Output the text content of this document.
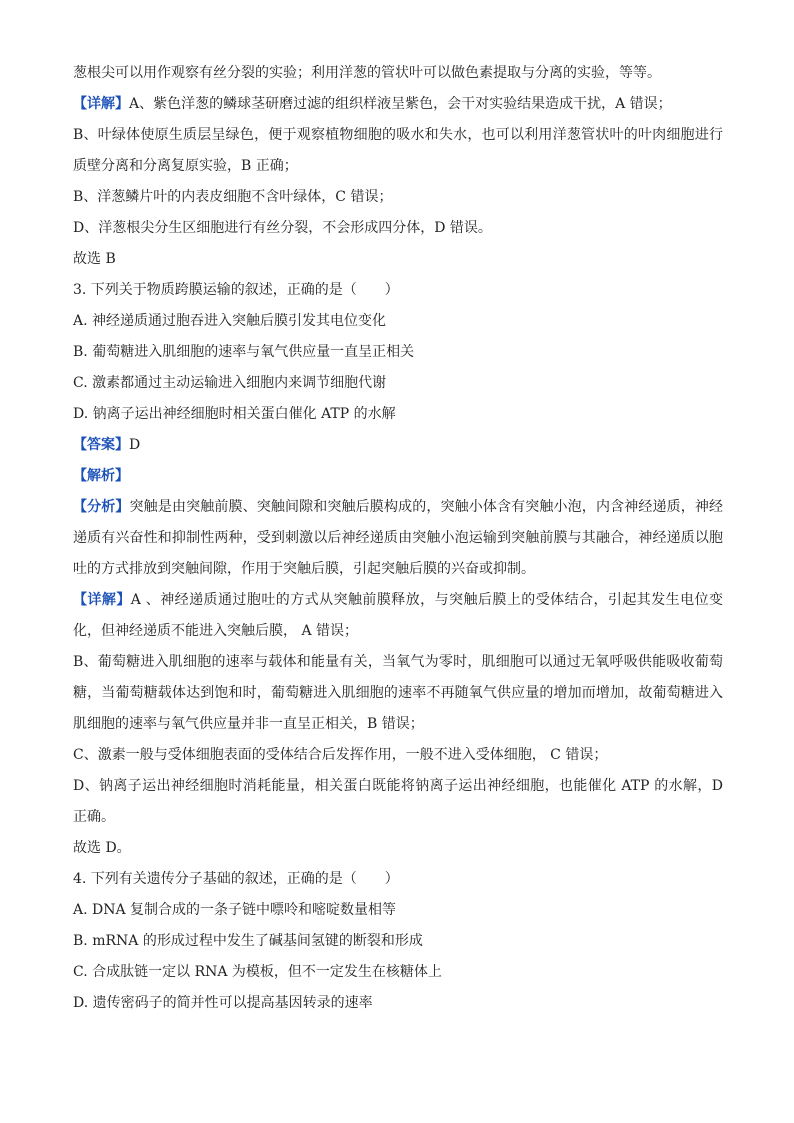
葱根尖可以用作观察有丝分裂的实验；利用洋葱的管状叶可以做色素提取与分离的实验，等等。

【详解】A、紫色洋葱的鳞球茎研磨过滤的组织样液呈紫色，会干对实验结果造成干扰，A 错误；

B、叶绿体使原生质层呈绿色，便于观察植物细胞的吸水和失水，也可以利用洋葱管状叶的叶肉细胞进行质壁分离和分离复原实验，B 正确；

B、洋葱鳞片叶的内表皮细胞不含叶绿体，C 错误；

D、洋葱根尖分生区细胞进行有丝分裂，不会形成四分体，D 错误。

故选 B

3. 下列关于物质跨膜运输的叙述，正确的是（　　）

A. 神经递质通过胞吞进入突触后膜引发其电位变化

B. 葡萄糖进入肌细胞的速率与氧气供应量一直呈正相关

C. 激素都通过主动运输进入细胞内来调节细胞代谢

D. 钠离子运出神经细胞时相关蛋白催化 ATP 的水解

【答案】D

【解析】

【分析】突触是由突触前膜、突触间隙和突触后膜构成的，突触小体含有突触小泡，内含神经递质，神经递质有兴奋性和抑制性两种，受到刺激以后神经递质由突触小泡运输到突触前膜与其融合，神经递质以胞吐的方式排放到突触间隙，作用于突触后膜，引起突触后膜的兴奋或抑制。

【详解】A 、神经递质通过胞吐的方式从突触前膜释放，与突触后膜上的受体结合，引起其发生电位变化，但神经递质不能进入突触后膜， A 错误；

B、葡萄糖进入肌细胞的速率与载体和能量有关，当氧气为零时，肌细胞可以通过无氧呼吸供能吸收葡萄糖，当葡萄糖载体达到饱和时，葡萄糖进入肌细胞的速率不再随氧气供应量的增加而增加，故葡萄糖进入肌细胞的速率与氧气供应量并非一直呈正相关，B 错误；

C、激素一般与受体细胞表面的受体结合后发挥作用，一般不进入受体细胞， C 错误；

D、钠离子运出神经细胞时消耗能量，相关蛋白既能将钠离子运出神经细胞，也能催化 ATP 的水解，D 正确。

故选 D。

4. 下列有关遗传分子基础的叙述，正确的是（　　）

A. DNA 复制合成的一条子链中嘌呤和嘧啶数量相等

B. mRNA 的形成过程中发生了碱基间氢键的断裂和形成

C. 合成肽链一定以 RNA 为模板，但不一定发生在核糖体上

D. 遗传密码子的简并性可以提高基因转录的速率
